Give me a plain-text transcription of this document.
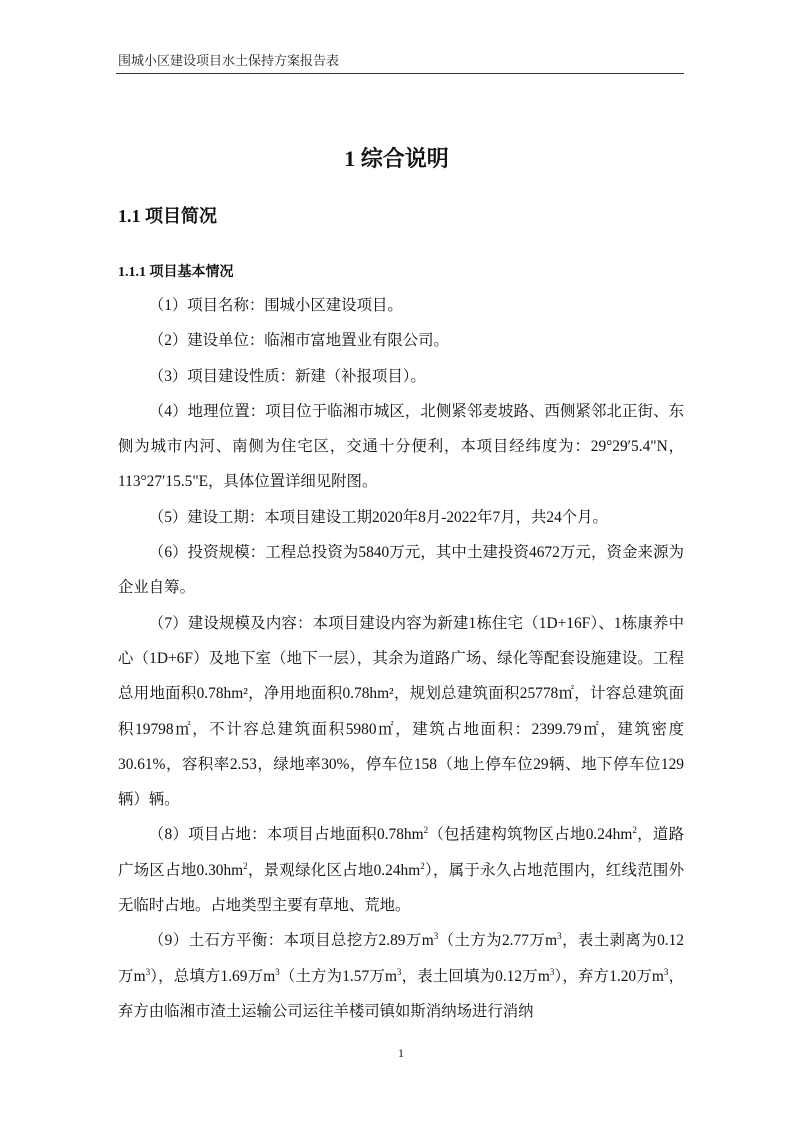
围城小区建设项目水土保持方案报告表
1 综合说明
1.1 项目简况
1.1.1 项目基本情况

（1）项目名称：围城小区建设项目。

（2）建设单位：临湘市富地置业有限公司。

（3）项目建设性质：新建（补报项目）。

（4）地理位置：项目位于临湘市城区，北侧紧邻麦坡路、西侧紧邻北正街、东侧为城市内河、南侧为住宅区，交通十分便利，本项目经纬度为：29°29′5.4"N，113°27′15.5"E，具体位置详细见附图。

（5）建设工期：本项目建设工期2020年8月-2022年7月，共24个月。

（6）投资规模：工程总投资为5840万元，其中土建投资4672万元，资金来源为企业自筹。

（7）建设规模及内容：本项目建设内容为新建1栋住宅（1D+16F）、1栋康养中心（1D+6F）及地下室（地下一层），其余为道路广场、绿化等配套设施建设。工程总用地面积0.78hm²，净用地面积0.78hm²，规划总建筑面积25778㎡，计容总建筑面积19798㎡，不计容总建筑面积5980㎡，建筑占地面积：2399.79㎡，建筑密度30.61%，容积率2.53，绿地率30%，停车位158（地上停车位29辆、地下停车位129辆）辆。

（8）项目占地：本项目占地面积$0.78hm^2$（包括建构筑物区占地$0.24hm^2$，道路广场区占地$0.30hm^2$，景观绿化区占地$0.24hm^2$），属于永久占地范围内，红线范围外无临时占地。占地类型主要有草地、荒地。

（9）土石方平衡：本项目总挖方2.89万$m^3$（土方为2.77万$m^3$，表土剥离为0.12万$m^3$），总填方1.69万$m^3$（土方为1.57万$m^3$，表土回填为0.12万$m^3$），弃方1.20万$m^3$，弃方由临湘市渣土运输公司运往羊楼司镇如斯消纳场进行消纳

1
